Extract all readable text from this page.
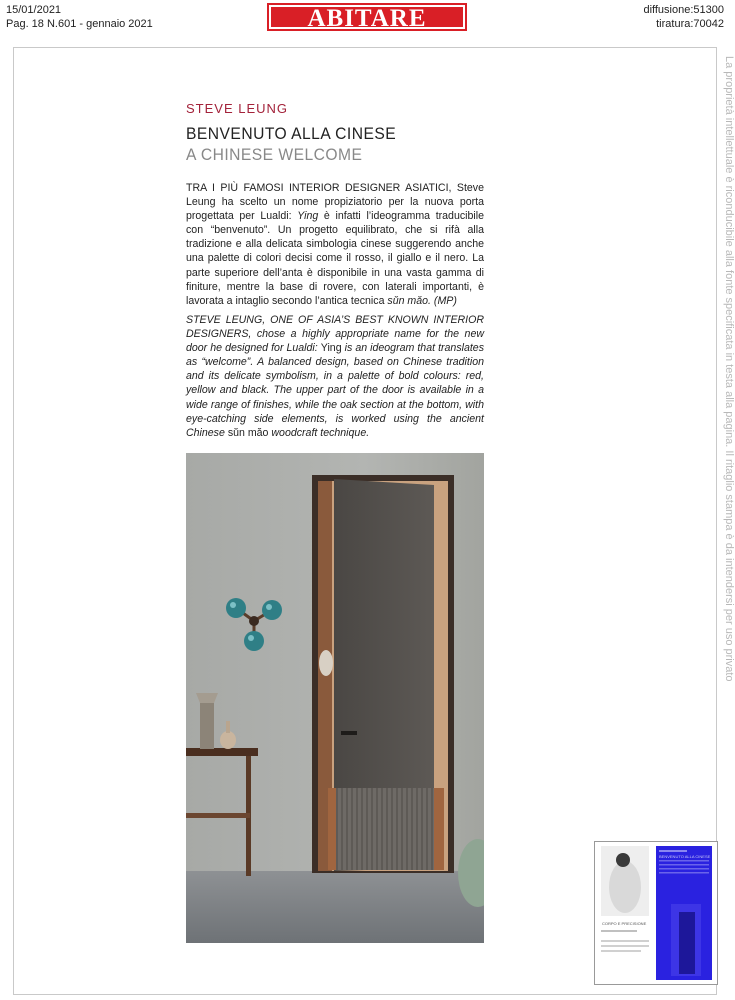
15/01/2021
Pag. 18 N.601 - gennaio 2021	ABITARE	diffusione:51300
tiratura:70042
La proprietà intellettuale è riconducibile alla fonte specificata in testa alla pagina. Il ritaglio stampa è da intendersi per uso privato
STEVE LEUNG
BENVENUTO ALLA CINESE
A CHINESE WELCOME

TRA I PIÙ FAMOSI INTERIOR DESIGNER ASIATICI, Steve Leung ha scelto un nome propiziatorio per la nuova porta progettata per Lualdi: Ying è infatti l’ideogramma traducibile con “benvenuto”. Un progetto equilibrato, che si rifà alla tradizione e alla delicata simbologia cinese suggerendo anche una palette di colori decisi come il rosso, il giallo e il nero. La parte superiore dell’anta è disponibile in una vasta gamma di finiture, mentre la base di rovere, con laterali importanti, è lavorata a intaglio secondo l’antica tecnica sŭn măo. (MP)

STEVE LEUNG, ONE OF ASIA’S BEST KNOWN INTERIOR DESIGNERS, chose a highly appropriate name for the new door he designed for Lualdi: Ying is an ideogram that translates as “welcome”. A balanced design, based on Chinese tradition and its delicate symbolism, in a palette of bold colours: red, yellow and black. The upper part of the door is available in a wide range of finishes, while the oak section at the bottom, with eye-catching side elements, is worked using the ancient Chinese sŭn măo woodcraft technique.

CORPO E PRECISIONE
BENVENUTO ALLA CINESE
